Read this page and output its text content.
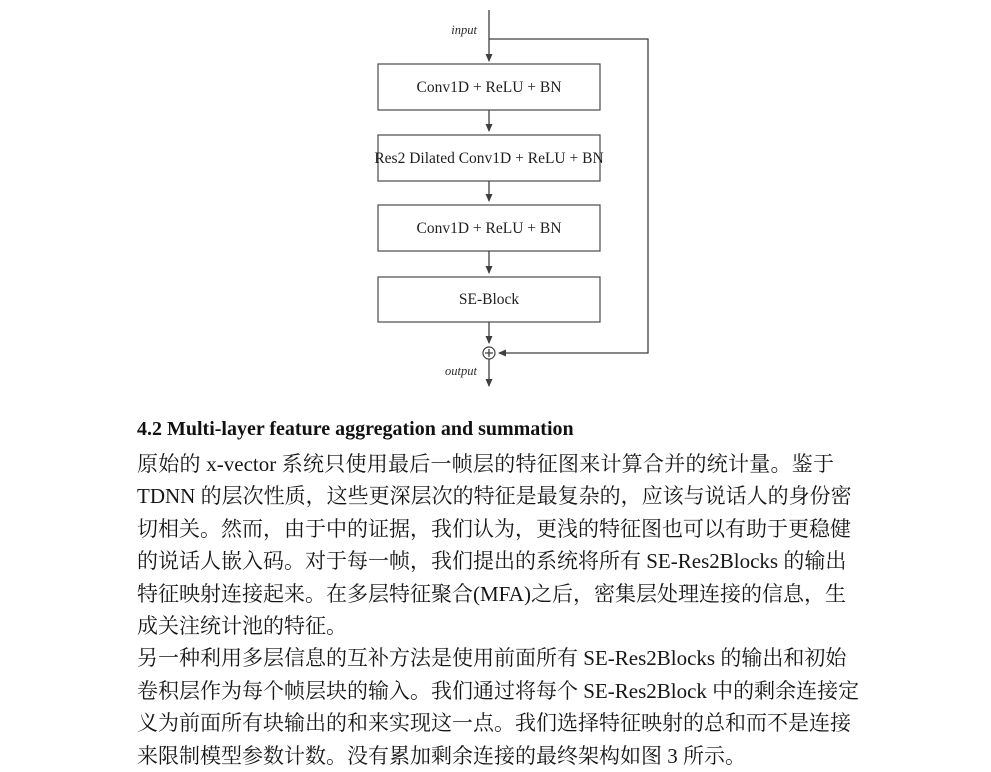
input
Conv1D + ReLU + BN
Res2 Dilated Conv1D + ReLU + BN
Conv1D + ReLU + BN
SE-Block
output
4.2 Multi-layer feature aggregation and summation
原始的 x-vector 系统只使用最后一帧层的特征图来计算合并的统计量。鉴于
TDNN 的层次性质，这些更深层次的特征是最复杂的，应该与说话人的身份密
切相关。然而，由于中的证据，我们认为，更浅的特征图也可以有助于更稳健
的说话人嵌入码。对于每一帧，我们提出的系统将所有 SE-Res2Blocks 的输出
特征映射连接起来。在多层特征聚合(MFA)之后，密集层处理连接的信息，生
成关注统计池的特征。
另一种利用多层信息的互补方法是使用前面所有 SE-Res2Blocks 的输出和初始
卷积层作为每个帧层块的输入。我们通过将每个 SE-Res2Block 中的剩余连接定
义为前面所有块输出的和来实现这一点。我们选择特征映射的总和而不是连接
来限制模型参数计数。没有累加剩余连接的最终架构如图 3 所示。
